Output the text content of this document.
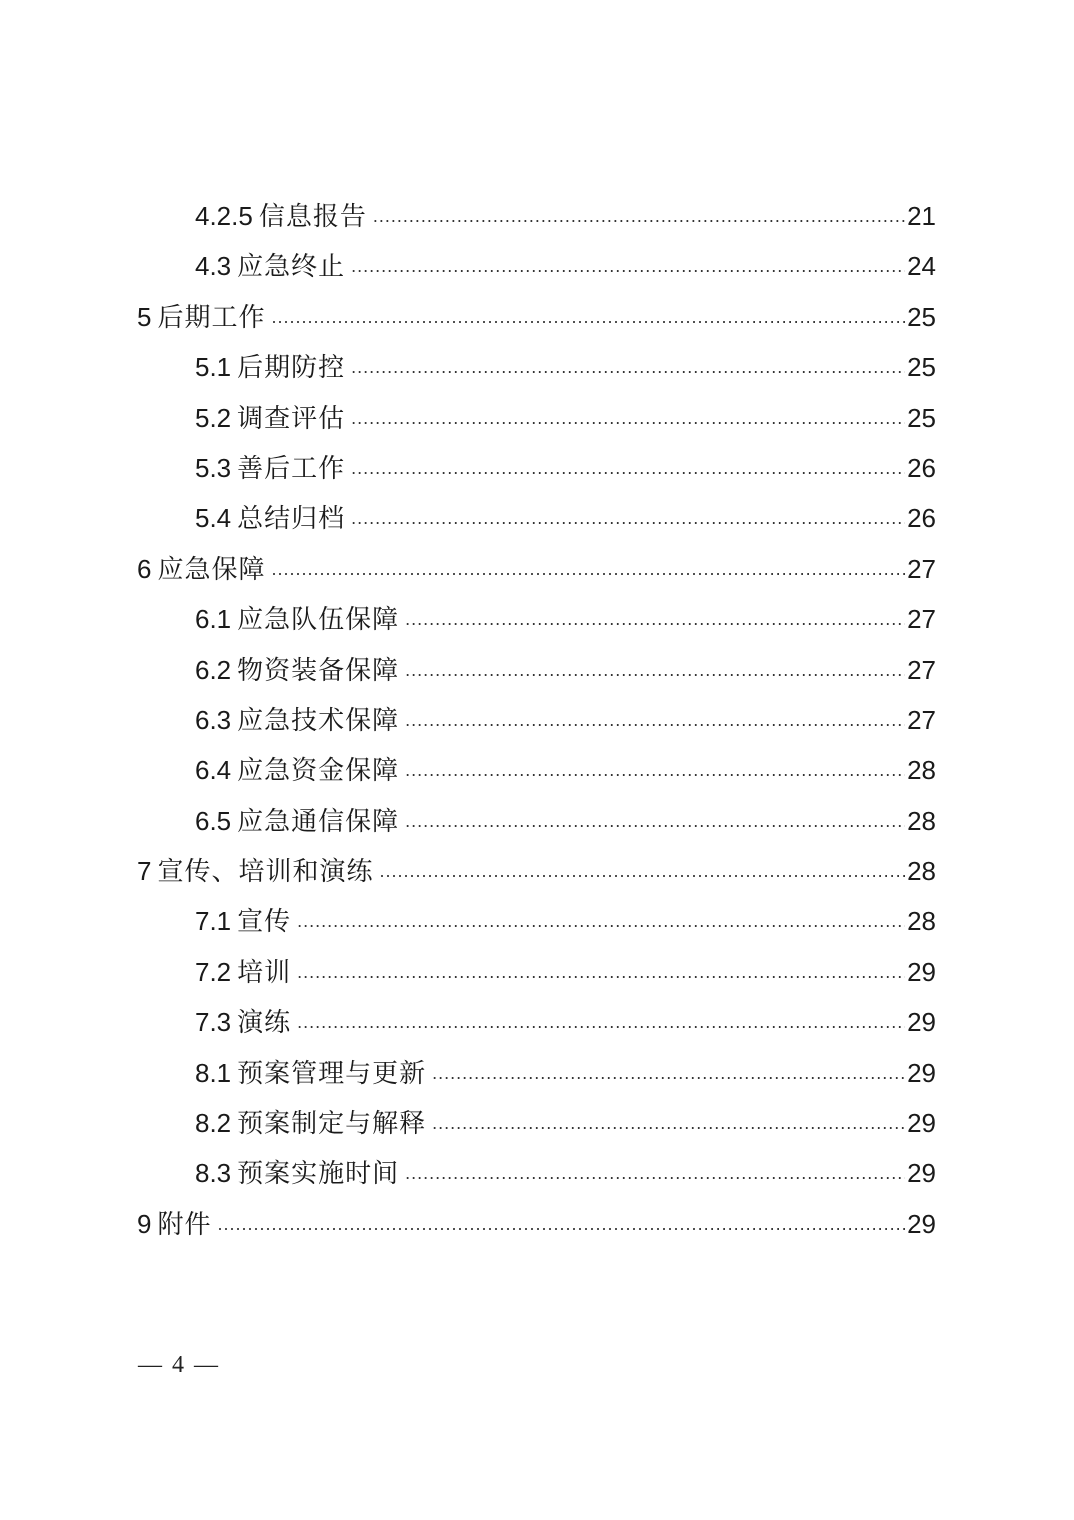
4.2.5 信息报告 .....	21
4.3 应急终止 .....	24
5 后期工作 .....	25
5.1 后期防控 .....	25
5.2 调查评估 .....	25
5.3 善后工作 .....	26
5.4 总结归档 .....	26
6 应急保障 .....	27
6.1 应急队伍保障 .....	27
6.2 物资装备保障 .....	27
6.3 应急技术保障 .....	27
6.4 应急资金保障 .....	28
6.5 应急通信保障 .....	28
7 宣传、培训和演练 .....	28
7.1 宣传 .....	28
7.2 培训 .....	29
7.3 演练 .....	29
8.1 预案管理与更新 .....	29
8.2 预案制定与解释 .....	29
8.3 预案实施时间 .....	29
9 附件 .....	29
— 4 —
